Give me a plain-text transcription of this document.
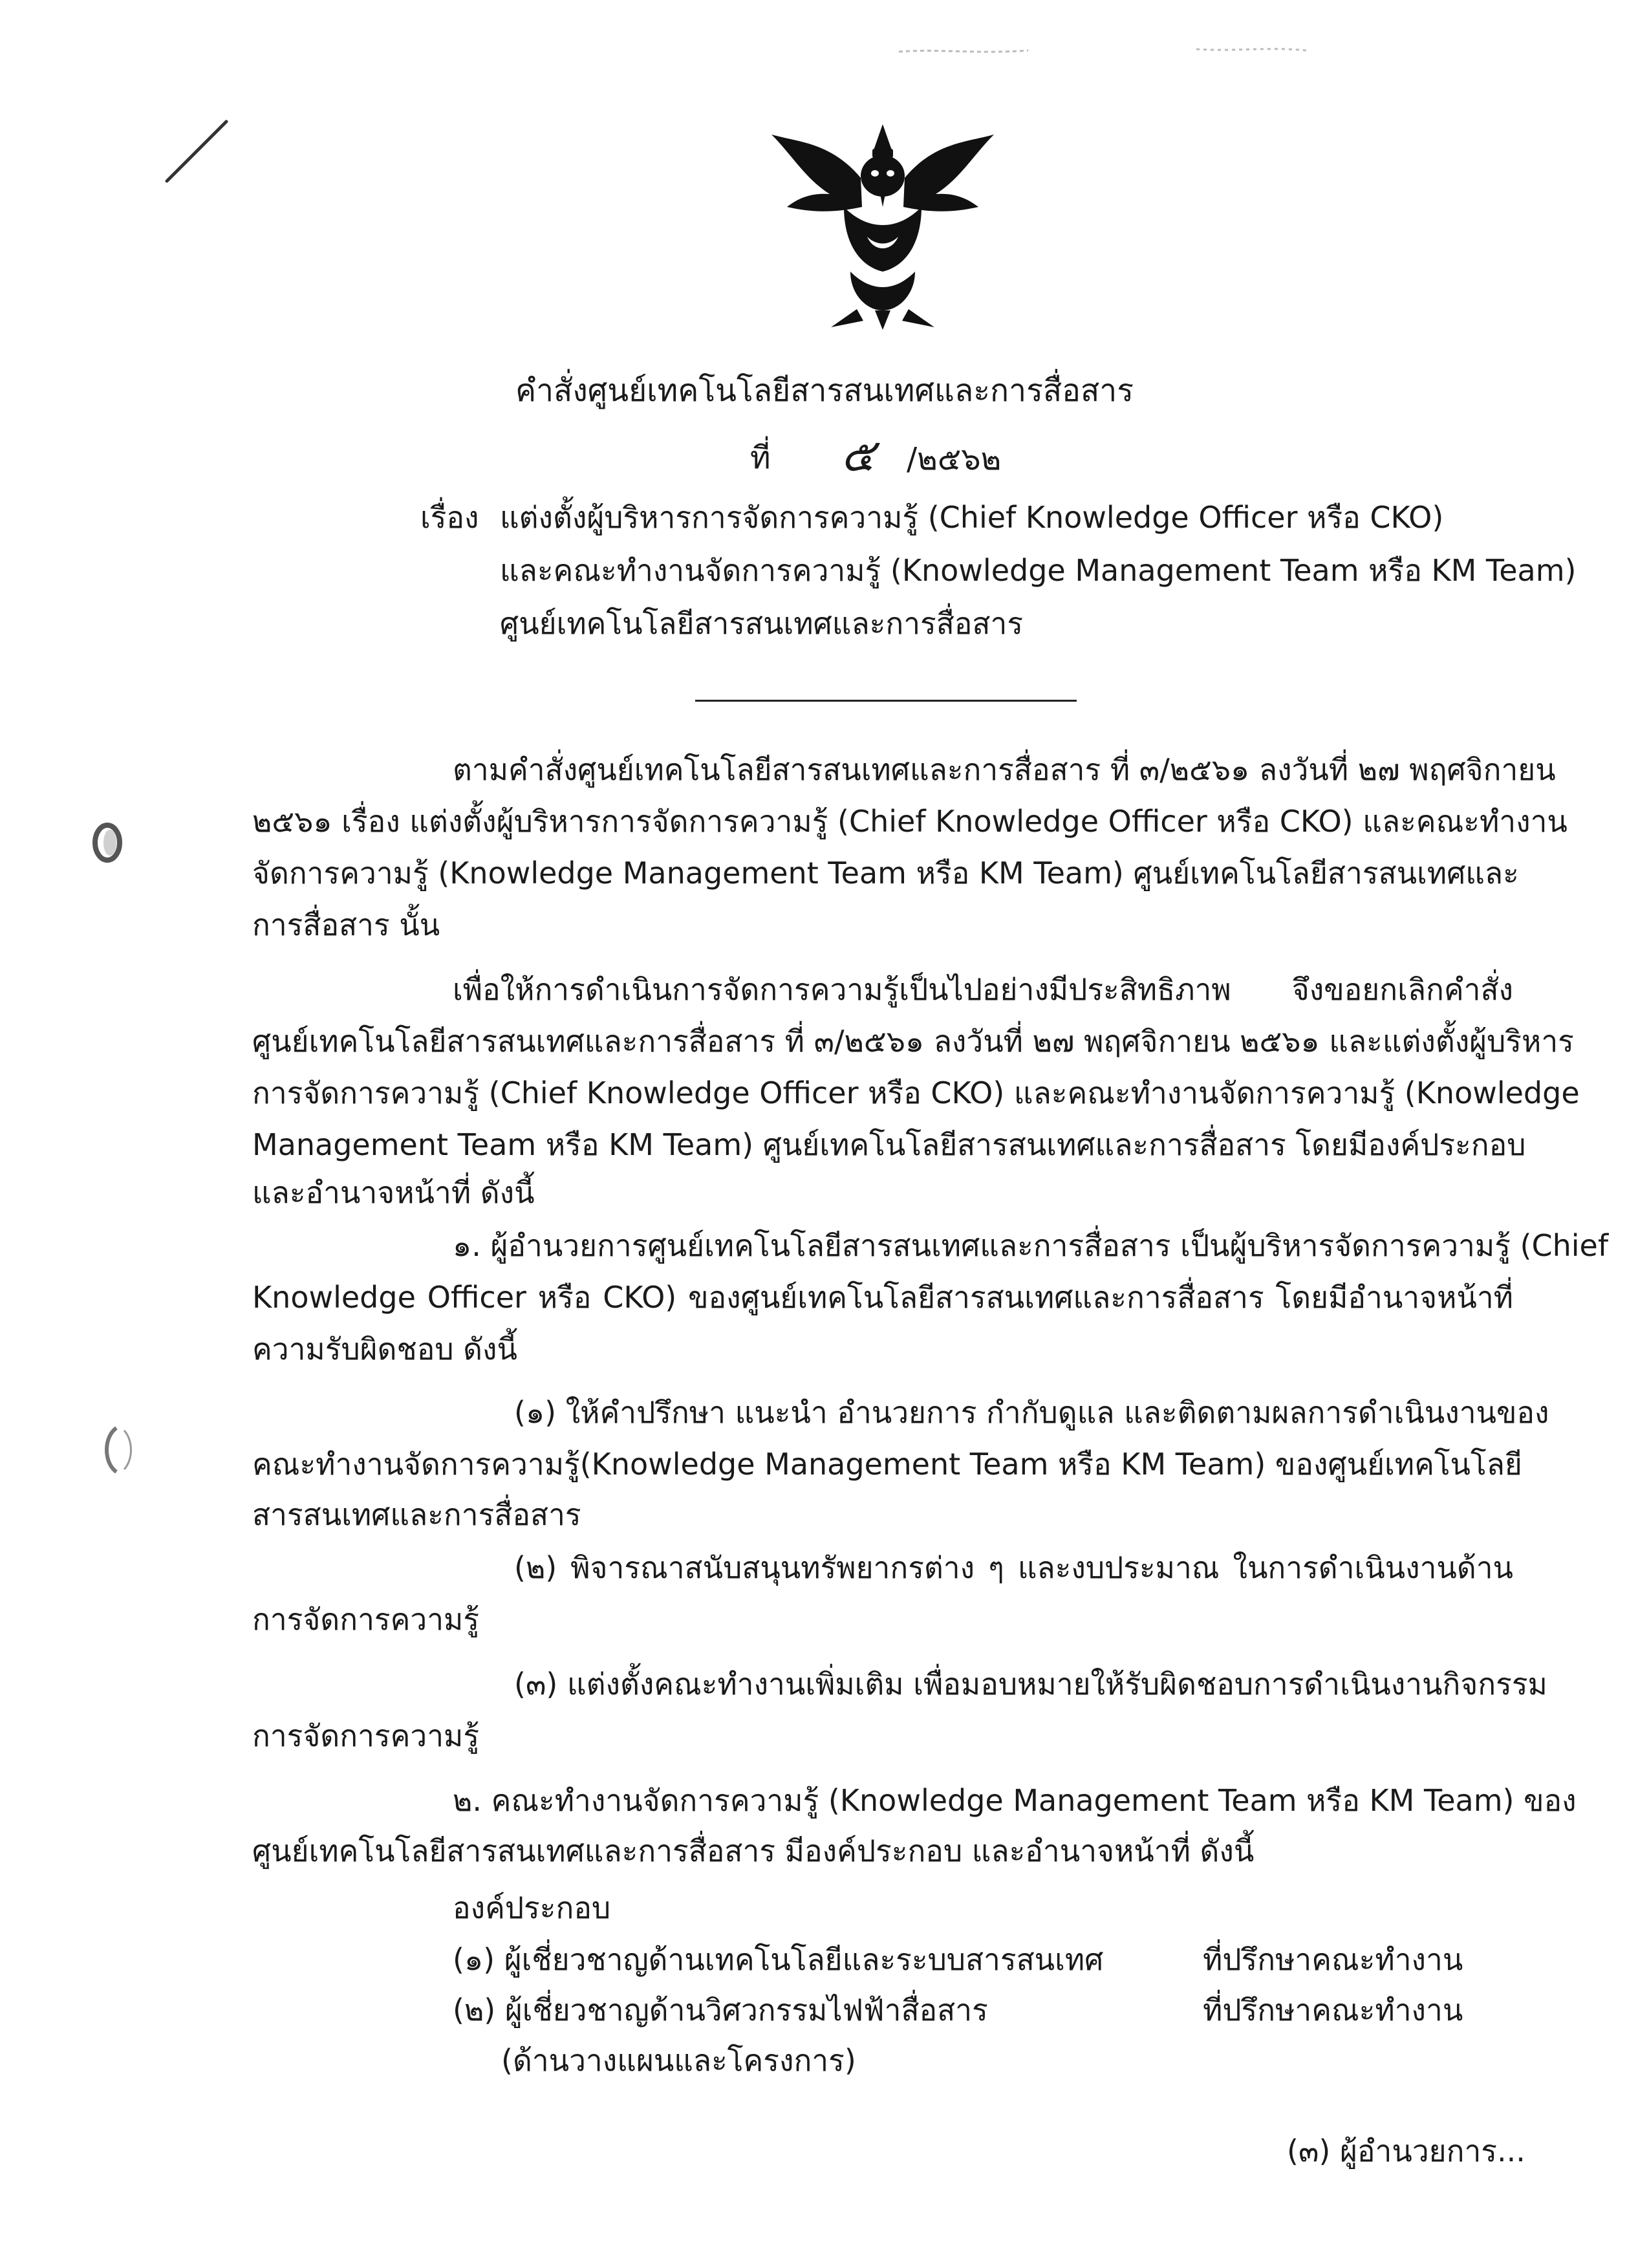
คำสั่งศูนย์เทคโนโลยีสารสนเทศและการสื่อสาร
ที่ ๕ /๒๕๖๒
เรื่อง แต่งตั้งผู้บริหารการจัดการความรู้ (Chief Knowledge Officer หรือ CKO)
และคณะทำงานจัดการความรู้ (Knowledge Management Team หรือ KM Team)
ศูนย์เทคโนโลยีสารสนเทศและการสื่อสาร
ตามคำสั่งศูนย์เทคโนโลยีสารสนเทศและการสื่อสาร ที่ ๓/๒๕๖๑ ลงวันที่ ๒๗ พฤศจิกายน
๒๕๖๑ เรื่อง แต่งตั้งผู้บริหารการจัดการความรู้ (Chief Knowledge Officer หรือ CKO) และคณะทำงาน
จัดการความรู้ (Knowledge Management Team หรือ KM Team) ศูนย์เทคโนโลยีสารสนเทศและ
การสื่อสาร นั้น
เพื่อให้การดำเนินการจัดการความรู้เป็นไปอย่างมีประสิทธิภาพ จึงขอยกเลิกคำสั่ง
ศูนย์เทคโนโลยีสารสนเทศและการสื่อสาร ที่ ๓/๒๕๖๑ ลงวันที่ ๒๗ พฤศจิกายน ๒๕๖๑ และแต่งตั้งผู้บริหาร
การจัดการความรู้ (Chief Knowledge Officer หรือ CKO) และคณะทำงานจัดการความรู้ (Knowledge
Management Team หรือ KM Team) ศูนย์เทคโนโลยีสารสนเทศและการสื่อสาร โดยมีองค์ประกอบ
และอำนาจหน้าที่ ดังนี้
๑. ผู้อำนวยการศูนย์เทคโนโลยีสารสนเทศและการสื่อสาร เป็นผู้บริหารจัดการความรู้ (Chief
Knowledge Officer หรือ CKO) ของศูนย์เทคโนโลยีสารสนเทศและการสื่อสาร โดยมีอำนาจหน้าที่
ความรับผิดชอบ ดังนี้
(๑) ให้คำปรึกษา แนะนำ อำนวยการ กำกับดูแล และติดตามผลการดำเนินงานของ
คณะทำงานจัดการความรู้(Knowledge Management Team หรือ KM Team) ของศูนย์เทคโนโลยี
สารสนเทศและการสื่อสาร
(๒) พิจารณาสนับสนุนทรัพยากรต่าง ๆ และงบประมาณ ในการดำเนินงานด้าน
การจัดการความรู้
(๓) แต่งตั้งคณะทำงานเพิ่มเติม เพื่อมอบหมายให้รับผิดชอบการดำเนินงานกิจกรรม
การจัดการความรู้
๒. คณะทำงานจัดการความรู้ (Knowledge Management Team หรือ KM Team) ของ
ศูนย์เทคโนโลยีสารสนเทศและการสื่อสาร มีองค์ประกอบ และอำนาจหน้าที่ ดังนี้
องค์ประกอบ
(๑) ผู้เชี่ยวชาญด้านเทคโนโลยีและระบบสารสนเทศ	ที่ปรึกษาคณะทำงาน
(๒) ผู้เชี่ยวชาญด้านวิศวกรรมไฟฟ้าสื่อสาร	ที่ปรึกษาคณะทำงาน
(ด้านวางแผนและโครงการ)
(๓) ผู้อำนวยการ...
